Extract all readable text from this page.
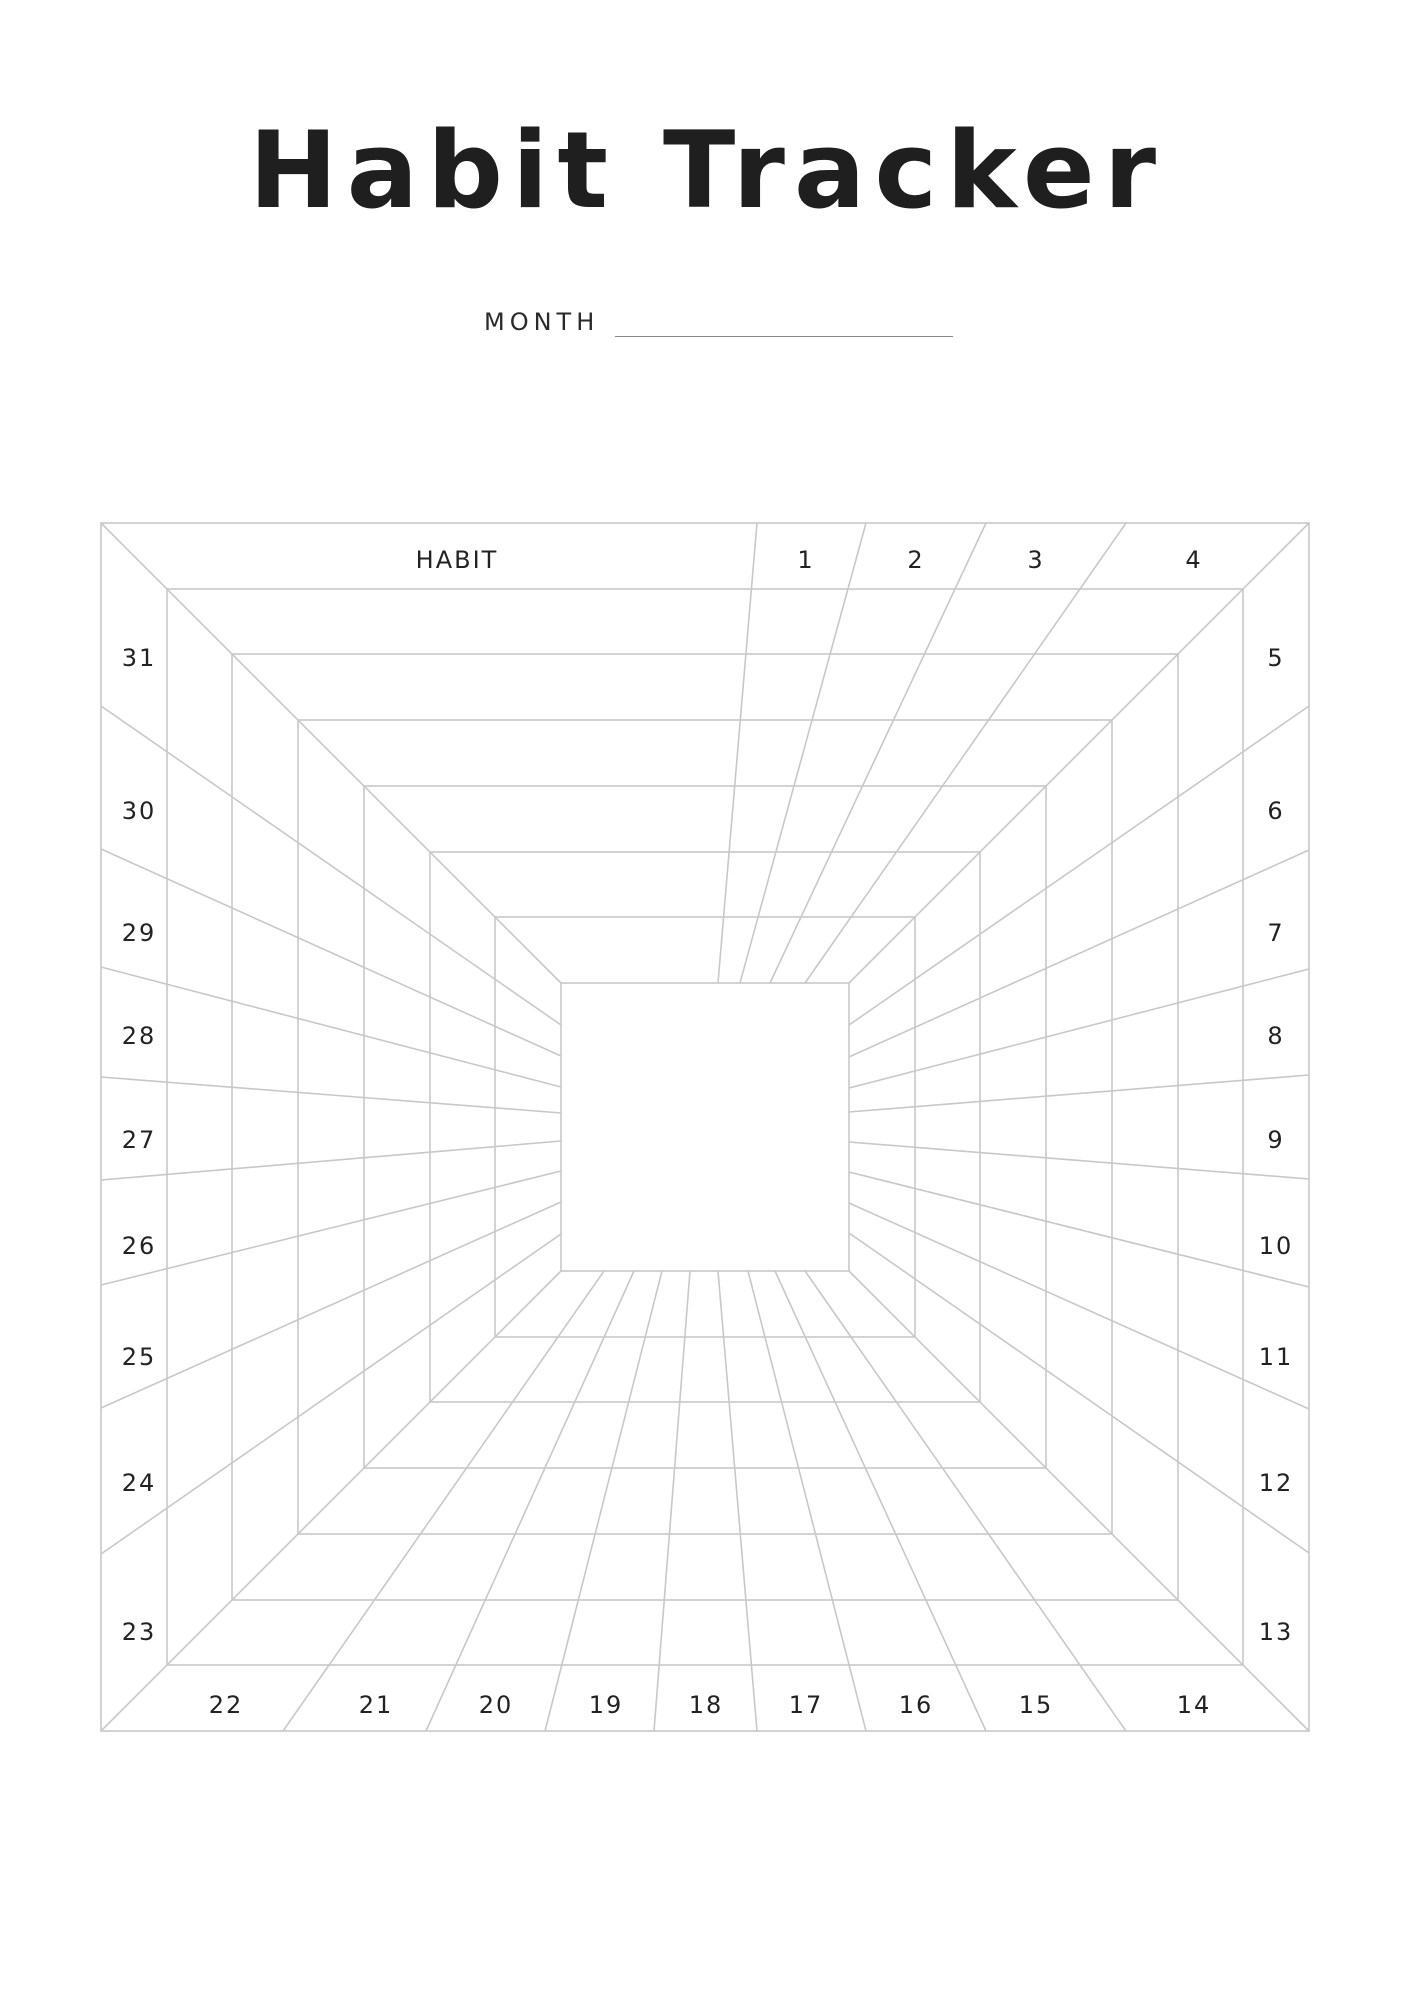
Habit Tracker
MONTH
HABIT	1	2	3	4
5
6
7
8
9
10
11
12
13
14
15
16
17
18
19
20
21
22
23
24
25
26
27
28
29
30
31
